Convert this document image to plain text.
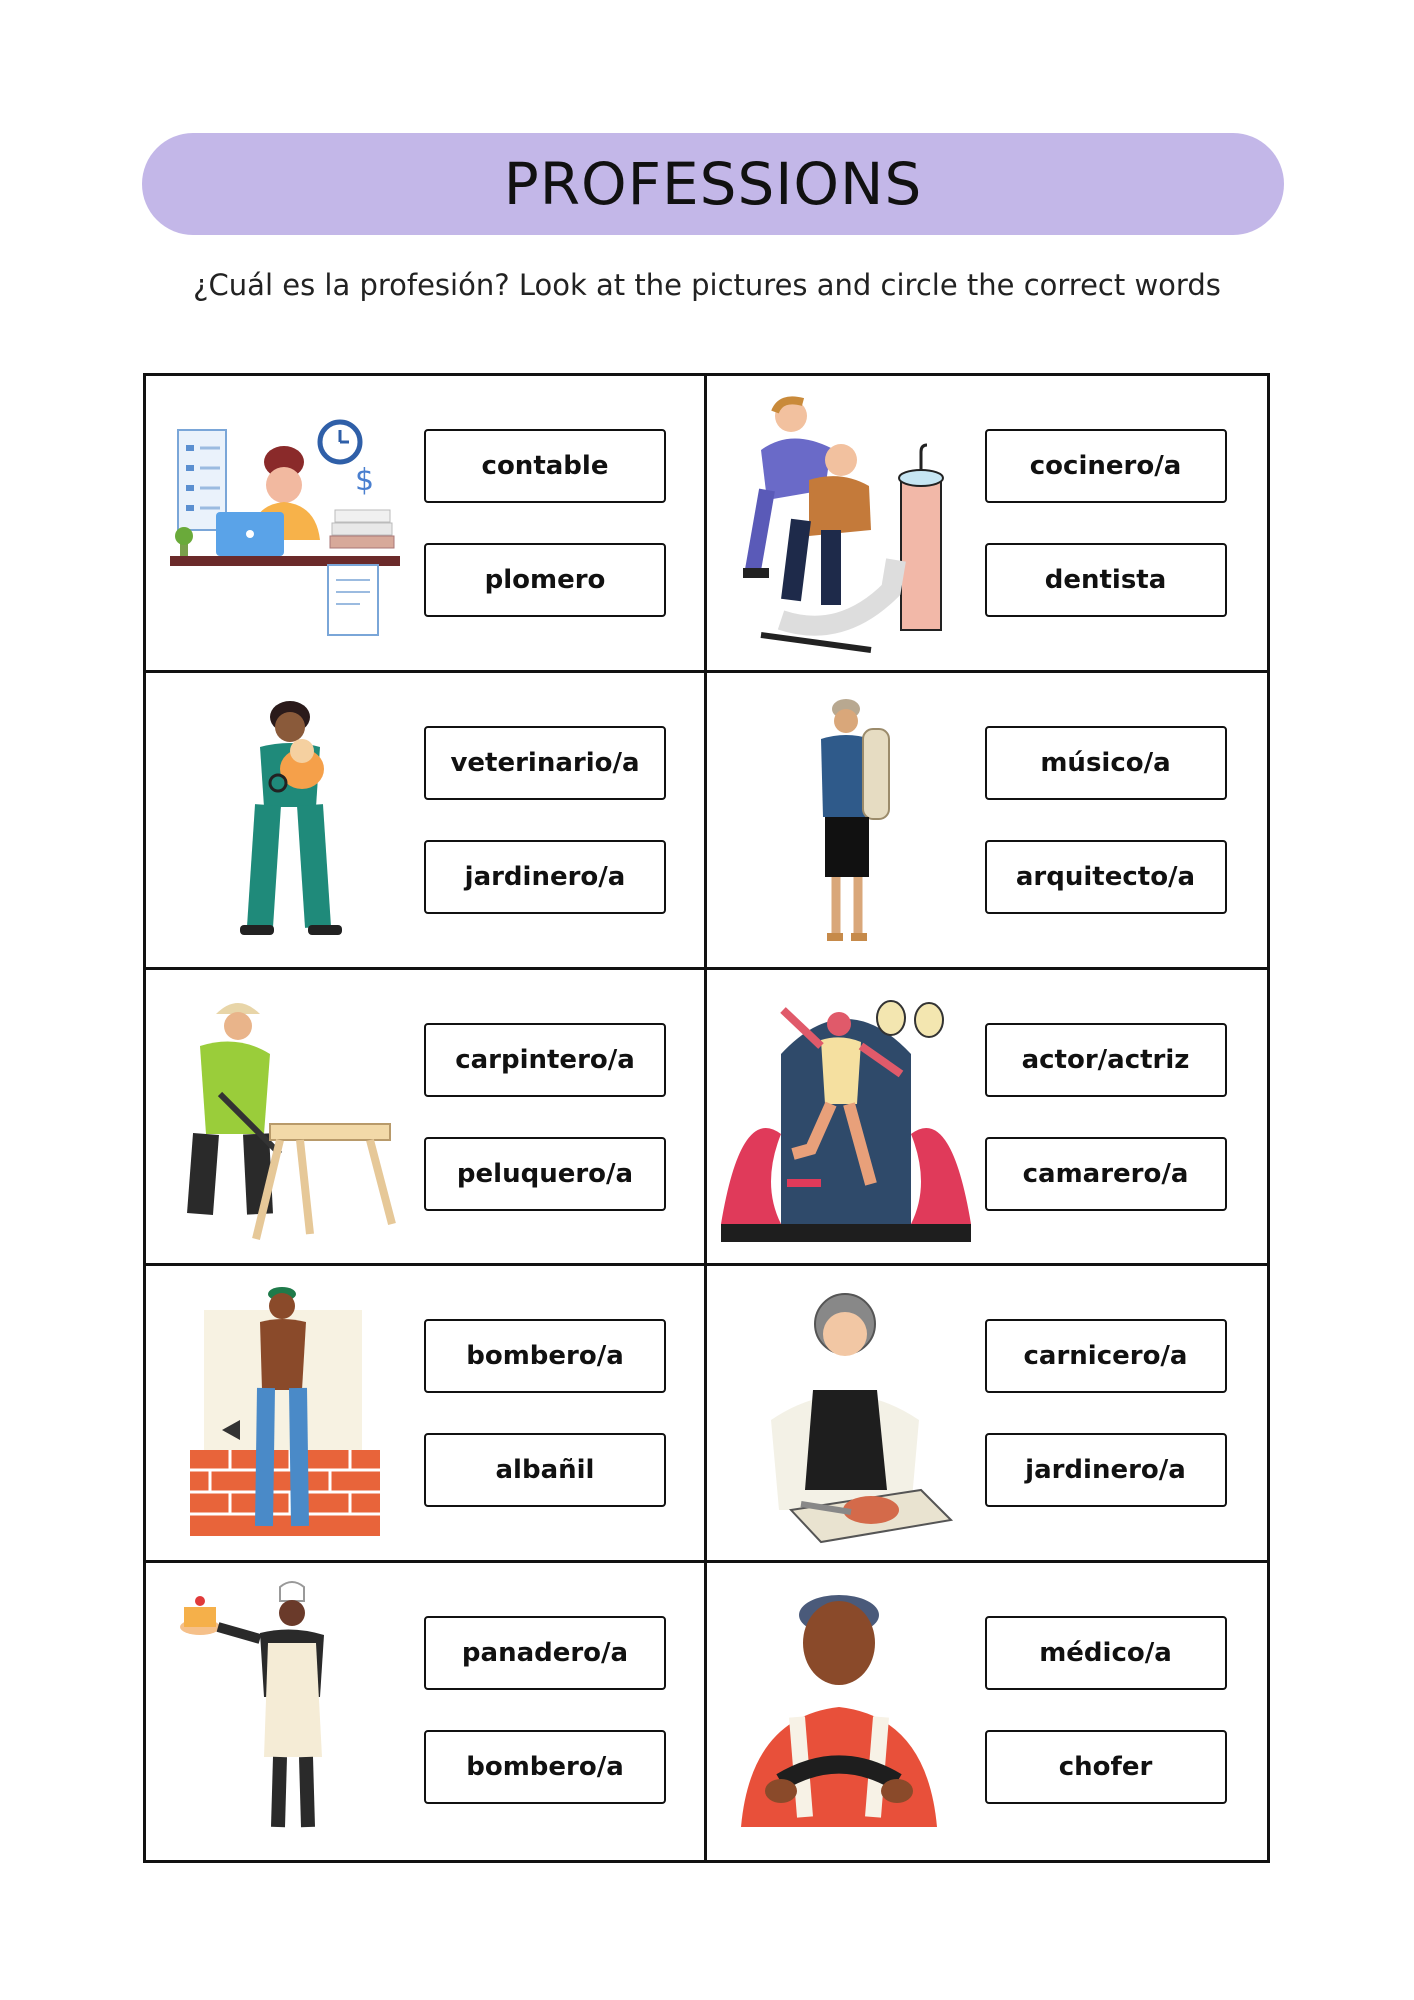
PROFESSIONS
¿Cuál es la profesión? Look at the pictures and circle the correct words
$	contable
plomero
cocinero/a
dentista
veterinario/a
jardinero/a
músico/a
arquitecto/a
carpintero/a
peluquero/a
actor/actriz
camarero/a
bombero/a
albañil
carnicero/a
jardinero/a
panadero/a
bombero/a
médico/a
chofer
